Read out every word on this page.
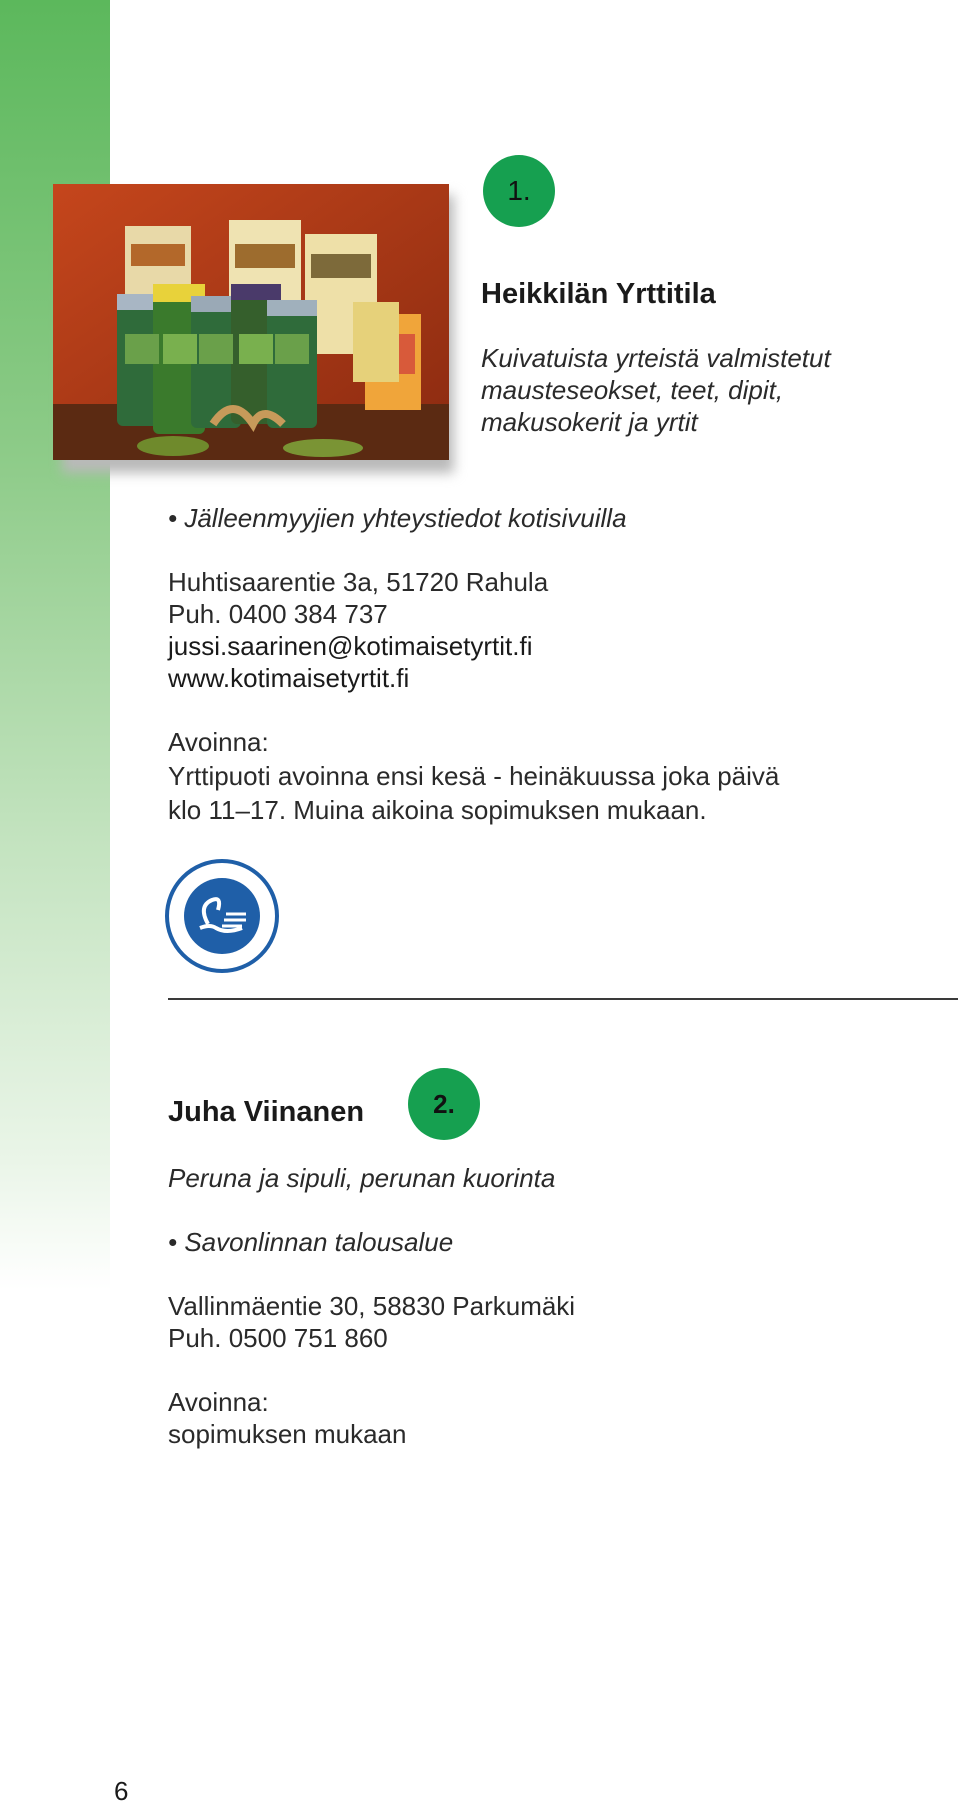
1.
Heikkilän Yrttitila
Kuivatuista yrteistä valmistetut mausteseokset, teet, dipit, makusokerit ja yrtit
• Jälleenmyyjien yhteystiedot kotisivuilla
Huhtisaarentie 3a, 51720 Rahula
Puh. 0400 384 737
jussi.saarinen@kotimaisetyrtit.fi
www.kotimaisetyrtit.fi
Avoinna:
Yrttipuoti avoinna ensi kesä - heinäkuussa joka päivä
klo 11–17. Muina aikoina sopimuksen mukaan.
2.
Juha Viinanen
Peruna ja sipuli, perunan kuorinta
• Savonlinnan talousalue
Vallinmäentie 30, 58830 Parkumäki
Puh. 0500 751 860
Avoinna:
sopimuksen mukaan
6
